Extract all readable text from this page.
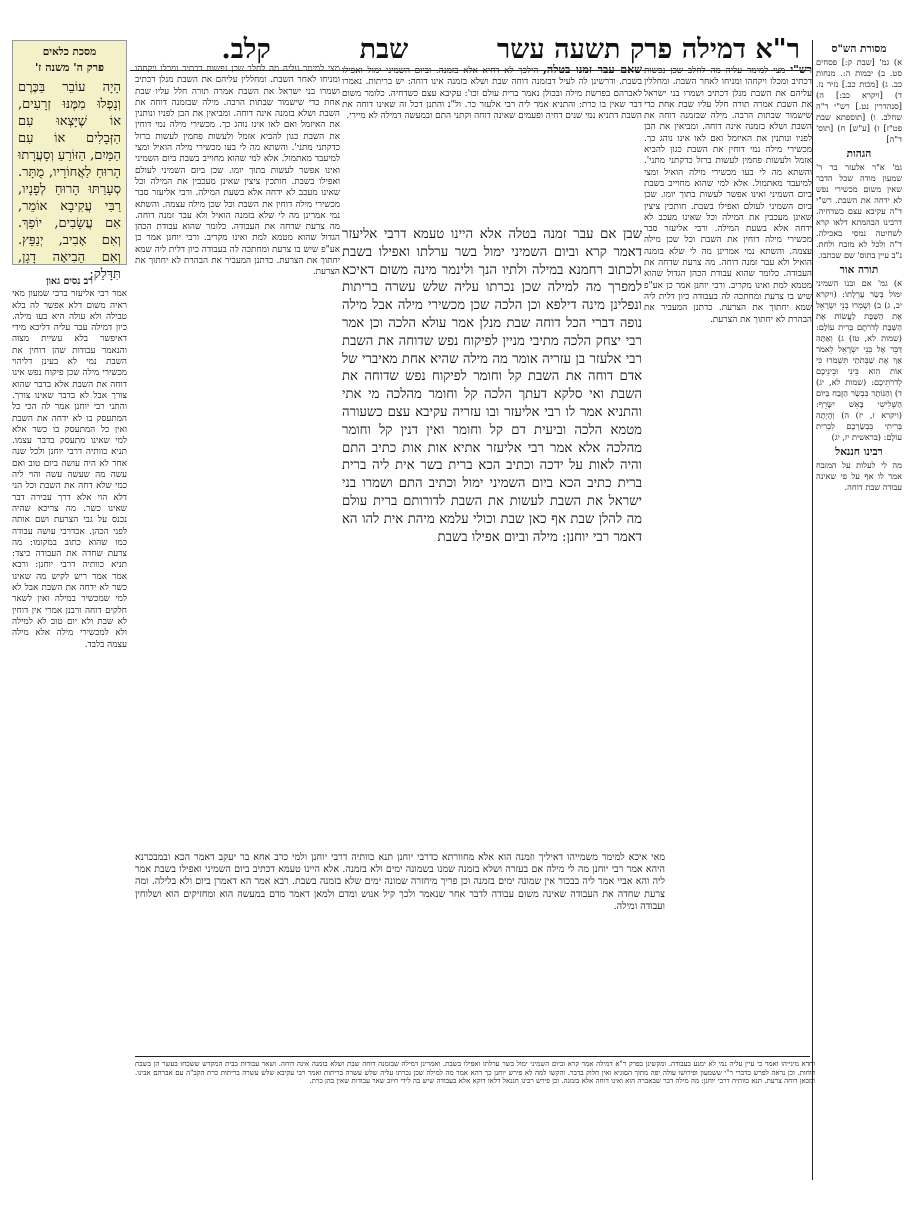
ר"א דמילה פרק תשעה עשר  שבת  קלב.	מסורת הש"ס

א) גמ' [שבת ק:] פסחים סט. ב) יבמות ה:. מנחות כב. ג) [מכות כב.] נזיר נז. ד) [ויקרא כב:] ה) [סנהדרין נט.] רש"י ד"ה שחלב. ו) [תוספתא שבת פט"ז] ז) [ע"ש] ח) [תוס' ד"ה]

הגהות

גמ' א"ר אלעזר בר ר' שמעון מודה שכל הדבר שאין משום מכשירי נפש לא ידחה את השבת. רש"י ד"ה עקיבא עצם כשדחיה. דרבינו הבהמתא דלאו קרא לשחיטה נמסי באכילה. ד"ה ולכל לא מזבח ולחת. נ"ב עיין בתוס' שם שכתבו.

תורה אור

א) גמ' אם ובנו השמיני יִמּוֹל בְּשַׂר עָרְלָתוֹ: (ויקרא יב, ג) ב) וְשָׁמְרוּ בְנֵי יִשְׂרָאֵל אֶת הַשַּׁבָּת לַעֲשׂוֹת אֶת הַשַּׁבָּת לְדֹרֹתָם בְּרִית עוֹלָם: (שמות לא, טז) ג) וְאַתָּה דַּבֵּר אֶל בְּנֵי יִשְׂרָאֵל לֵאמֹר אַךְ אֶת שַׁבְּתֹתַי תִּשְׁמֹרוּ כִּי אוֹת הִוא בֵּינִי וּבֵינֵיכֶם לְדֹרֹתֵיכֶם: (שמות לא, יג) ד) וְהַנּוֹתָר בִּבְשַׂר הַזֶּבַח בַּיּוֹם הַשְּׁלִישִׁי בָּאֵשׁ יִשָּׂרֵף: (ויקרא ז, יז) ה) וְהָיְתָה בְּרִיתִי בִּבְשַׂרְכֶם לִבְרִית עוֹלָם: (בראשית יז, יג)

רבינו חננאל

מה לי לעלות על המזבח אמר לו אף על פי שאינה עבודה שבת דוחה.

מסכת כלאים
פרק ה' משנה ז'
הָיָה עוֹבֵר בַּכֶּרֶם וְנָפְלוּ מִמֶּנּוּ זְרָעִים, אוֹ שֶׁיָּצְאוּ עִם הַזְּבָלִים אוֹ עִם הַמַּיִם, הַזּוֹרֵעַ וְסָעֲרָתוּ הָרוּחַ לַאֲחוֹרָיו, מֻתָּר. סְעָרַתּוּ הָרוּחַ לְפָנָיו, רַבִּי עֲקִיבָא אוֹמֵר, אִם עֲשָׂבִים, יוֹפַךְ. וְאִם אָבִיב, יְנַפֵּץ. וְאִם הֵבִיאָה דָגָן, תִּדָּלֵק:
רב נסים גאון
אמר רבי אליעזר ברבי שמעון מאי ראיה משום דלא אפשר לה בלא טבילה ולא עולה היא בעו מילה. כיון דמילה עבר עליה דליכא מידי דאיפשר בלא עשיית מצוה והנאמר עבודות שהן דוחין את השבת נמי לא בעינן דליהוי מכשירי מילה שכן פיקוח נפש אינו דוחה את השבת אלא בדבר שהוא צורך אבל לא בדבר שאינו צורך. והתני רבי יוחנן אמר לה הכי כל המתעסק בו לא ידחה את השבת ואין כל המתעסק בו כשר אלא למי שאינו מתעסק בדבר עצמו. תניא כוותיה דרבי יוחנן ולכל שנה אחר לא היה עושה ביום טוב ואם עשה מה שעשה עשה והוי ליה כמי שלא דחה את השבת וכל הני דלא הוי אלא דרך עבירה דבר שאינו כשר. מה צריכא שהיה נכנס על גבי הצרעת ושם אותה לפני הכהן. אכדרבי עושה עבודה כמו שהוא כתוב במקומו: מה צרעת שחדה את העבודה כיצד: תניא כוותיה דרבי יוחנן: ורבא אמר אמר ריש לקיש מה שאינו כשר לא ידחה את השבת אבל לא למי שמכשיר במילה ואין לשאר חלקים דוחה ורבנן אמרי אין דוחין לא שבת ולא יום טוב לא למילה ולא למכשירי מילה אלא מילה עצמה בלבד.
מצי למימר עליה מה לחלב שכן נפשות דכתיב ומכלו ויקחהו ומניחו לאחר השבת. ומחללין עליהם את השבת מנלן דכתיב ושמרו בני ישראל את השבת אמרה תורה חלל עליו שבת אחת כדי שישמור שבתות הרבה. מילה שבזמנה דוחה את השבת ושלא בזמנה אינה דוחה. ומביאין את הבן לפניו ונותנין את האיזמל ואם לאו אינו נוהג כך. מכשירי מילה נמי דוחין את השבת כגון להביא אזמל ולעשות פחמין לעשות ברזל כדקתני מתני'. והשתא מה לי בעו מכשירי מילה הואיל ומצי למיעבד מאתמול. אלא למי שהוא מחוייב בשבת ביום השמיני ואינו אפשר לעשות בתוך יומו. שכן ביום השמיני לעולם ואפילו בשבת. חותכין ציצין שאינן מעכבין את המילה וכל שאינו מעכב לא ידחה אלא בשעת המילה. ורבי אליעזר סבר מכשירי מילה דוחין את השבת וכל שכן מילה עצמה. והשתא נמי אמרינן מה לי שלא בזמנה הואיל ולא עבר זמנה דוחה. מה צרעת שדחה את העבודה. כלומר שהוא עבודת הכהן הגדול שהוא מטמא למת ואינו מקריב. ורבי יוחנן אמר כן אע"פ שיש בו צרעת ומחתכה לה בעבודה כיון דלית ליה שמא יחתוך את הצרעת. כדתנן המעביר את הבהרת לא יחתוך את הצרעת.
שאם עבר זמנו בטלה, הילכך לא דחיא אלא בזמנה. וביום השמיני ימול ואפילו בשבת. ודרשינן לה לעיל דבזמנה דוחה שבת ושלא בזמנה אינו דוחה: יש בריתות. נאמרו לאברהם בפרשת מילה ובכולן נאמר ברית עולם וכו': עקיבא עצם כשדחיה. כלומר משום דבר שאין בו כרת: והתניא אמר ליה רבי אלעזר כר. ול"נ והתנן דכל זה שאינו דוחה את השבת דתניא נמי שנים דחיה ופעמים שאינה דוחה וקתני התם ובמעשה דמילה לא מיירי.
שבן אם עבר זמנה בטלה אלא היינו טעמא דרבי אליעזר דאמר קרא וביום השמיני ימול בשר ערלתו ואפילו בשבת ולכתוב רחמנא במילה ולתיו הנך ולינמר מינה משום דאיכא למפרך מה למילה שכן נכרתו עליה שלש עשרה בריתות ונפלינן מינה דילפא וכן הלכה שכן מכשירי מילה אבל מילה נופה דברי הכל דוחה שבת מנלן אמר עולא הלכה וכן אמר רבי יצחק הלכה מתיבי מניין לפיקוח נפש שדוחה את השבת רבי אלעזר בן עזריה אומר מה מילה שהיא אחת מאיברי של אדם דוחה את השבת קל וחומר לפיקוח נפש שדוחה את השבת ואי סלקא דעתך הלכה קל וחומר מהלכה מי אתי והתניא אמר לו רבי אליעזר ובו עזריה עקיבא עצם כשעורה מטמא הלכה וביעית דם קל וחומר ואין דנין קל וחומר מהלכה אלא אמר רבי אליעזר אתיא אות אות כתיב התם והיה לאות על ידכה וכתיב הכא ברית בשר אית ליה ברית ברית כתיב הכא ביום השמיני ימול וכתיב התם ושמרו בני ישראל את השבת לעשות את השבת לדורותם ברית עולם מה להלן שבת אף כאן שבת וכולי עלמא מיהת אית להו הא דאמר רבי יוחנן: מילה וביום אפילו בשבת
רש"י מצי למימר עליה מה לחלב שכן נפשות דכתיב ומכלו ויקחהו ומניחו לאחר השבת. ומחללין עליהם את השבת מנלן דכתיב ושמרו בני ישראל את השבת אמרה תורה חלל עליו שבת אחת כדי שישמור שבתות הרבה. מילה שבזמנה דוחה את השבת ושלא בזמנה אינה דוחה. ומביאין את הבן לפניו ונותנין את האיזמל ואם לאו אינו נוהג כך. מכשירי מילה נמי דוחין את השבת כגון להביא אזמל ולעשות פחמין לעשות ברזל כדקתני מתני'. והשתא מה לי בעו מכשירי מילה הואיל ומצי למיעבד מאתמול. אלא למי שהוא מחוייב בשבת ביום השמיני ואינו אפשר לעשות בתוך יומו. שכן ביום השמיני לעולם ואפילו בשבת. חותכין ציצין שאינן מעכבין את המילה וכל שאינו מעכב לא ידחה אלא בשעת המילה. ורבי אליעזר סבר מכשירי מילה דוחין את השבת וכל שכן מילה עצמה. והשתא נמי אמרינן מה לי שלא בזמנה הואיל ולא עבר זמנה דוחה. מה צרעת שדחה את העבודה. כלומר שהוא עבודת הכהן הגדול שהוא מטמא למת ואינו מקריב. ורבי יוחנן אמר כן אע"פ שיש בו צרעת ומחתכה לה בעבודה כיון דלית ליה שמא יחתוך את הצרעת. כדתנן המעביר את הבהרת לא יחתוך את הצרעת.
מאי איכא למימר משמייהו דאיליך וזמנה הוא אלא מחוורתא כדרבי יוחנן תנא כוותיה דרבי יוחנן ולמי כרב אחא בר יעקב דאמר הכא ובמבכרנא היהא אמר רבי יוחנן מה לי מילה אם בעזרה ושלא בזמנה שמנו בשמונה ימים ולא בזמנה. אלא היינו טעמא דכתיב ביום השמיני ואפילו בשבת אמר ליה והא אביי אמר ליה בבכור אין שמונה ימים בזמנה וכן פריך מיחזרה שמונה ימים שלא בזמנה בשבת. רבא אמר הא דאמרן ביום ולא בלילה. ומה צרעת שחדה את העבודה שאינה משום עבודה לדבר אחר שנאמר ולכך קיל אנוש ומדם ולמאן דאמר מדם במעשה הוא ומחזיקים הוא ושלוחין ועבודה ומילה.
וחדא מינייהו ואמר כי עיין עליה נמי לא ימנע בעבודה. ומקשינן בפרק ר"א דמילה אמר קרא וביום השמיני ימול בשר ערלתו ואפילו בשבת. ואמרינן דמילה שבזמנה דוחה שבת ושלא בזמנה אינה דוחה. ושאר עבודות בבית המקדש ששכחו בעשר הן בשבת דוחות. וכן נראה לפרש כדברי ר"י ששמעון ופירושו עולה יפה מתוך הסוגיא ואין חלוק בדבר. והקשו למה לא פירש יוחנן כך דהא אמר מה למילה שכן נכרתו עליה שלש עשרה בריתות ואמר רבי עקיבא שלש עשרה בריתות כרת הקב"ה עם אברהם אבינו. ומכאן דוחה צרעת. תנא כוותיה דרבי יוחנן: מה מילה דבר שבאברה הוא ואינו דוחה אלא בזמנה. וכן פירש רבינו חננאל דלאו דוקא אלא בעבודה שיש בה לידי חיוב שאר עבודות שאין בהן כרת.
